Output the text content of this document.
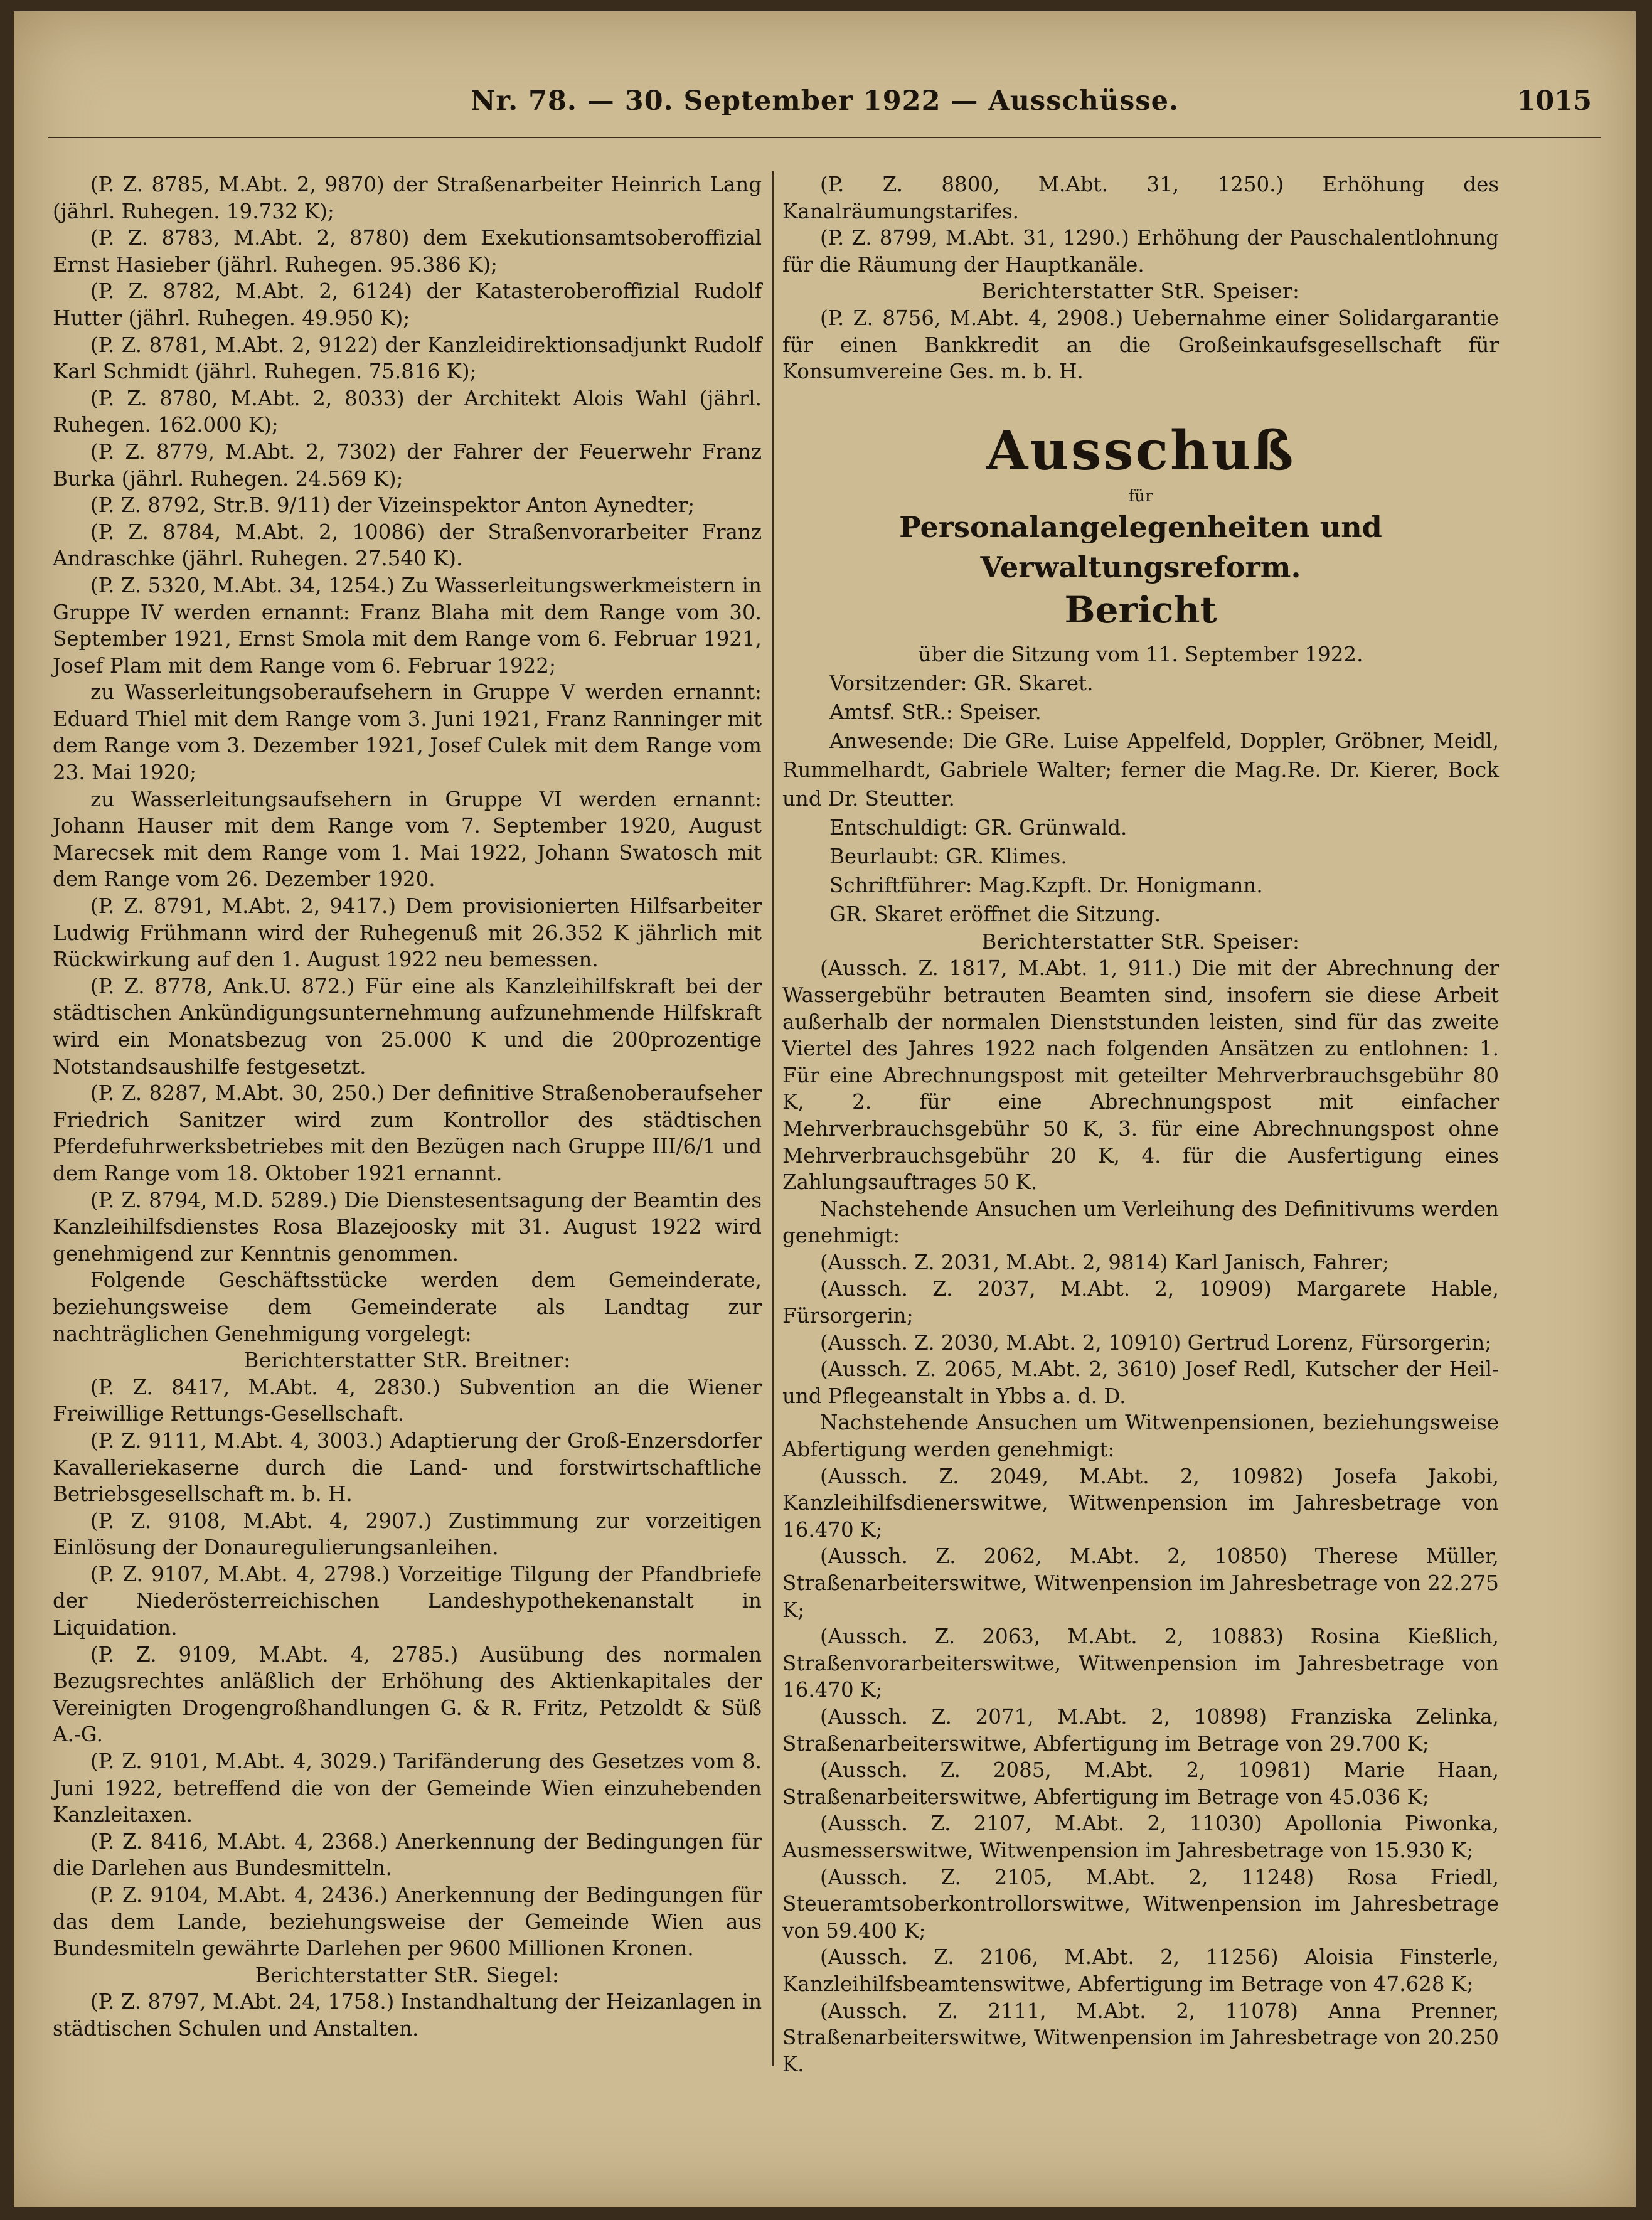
Nr. 78. — 30. September 1922 — Ausschüsse.	1015

(P. Z. 8785, M.Abt. 2, 9870) der Straßenarbeiter Heinrich Lang (jährl. Ruhegen. 19.732 K);

(P. Z. 8783, M.Abt. 2, 8780) dem Exekutionsamtsoberoffizial Ernst Hasieber (jährl. Ruhegen. 95.386 K);

(P. Z. 8782, M.Abt. 2, 6124) der Katasteroberoffizial Rudolf Hutter (jährl. Ruhegen. 49.950 K);

(P. Z. 8781, M.Abt. 2, 9122) der Kanzleidirektionsadjunkt Rudolf Karl Schmidt (jährl. Ruhegen. 75.816 K);

(P. Z. 8780, M.Abt. 2, 8033) der Architekt Alois Wahl (jährl. Ruhegen. 162.000 K);

(P. Z. 8779, M.Abt. 2, 7302) der Fahrer der Feuerwehr Franz Burka (jährl. Ruhegen. 24.569 K);

(P. Z. 8792, Str.B. 9/11) der Vizeinspektor Anton Aynedter;

(P. Z. 8784, M.Abt. 2, 10086) der Straßenvorarbeiter Franz Andraschke (jährl. Ruhegen. 27.540 K).

(P. Z. 5320, M.Abt. 34, 1254.) Zu Wasserleitungswerkmeistern in Gruppe IV werden ernannt: Franz Blaha mit dem Range vom 30. September 1921, Ernst Smola mit dem Range vom 6. Februar 1921, Josef Plam mit dem Range vom 6. Februar 1922;

zu Wasserleitungsoberaufsehern in Gruppe V werden ernannt: Eduard Thiel mit dem Range vom 3. Juni 1921, Franz Ranninger mit dem Range vom 3. Dezember 1921, Josef Culek mit dem Range vom 23. Mai 1920;

zu Wasserleitungsaufsehern in Gruppe VI werden ernannt: Johann Hauser mit dem Range vom 7. September 1920, August Marecsek mit dem Range vom 1. Mai 1922, Johann Swatosch mit dem Range vom 26. Dezember 1920.

(P. Z. 8791, M.Abt. 2, 9417.) Dem provisionierten Hilfsarbeiter Ludwig Frühmann wird der Ruhegenuß mit 26.352 K jährlich mit Rückwirkung auf den 1. August 1922 neu bemessen.

(P. Z. 8778, Ank.U. 872.) Für eine als Kanzleihilfskraft bei der städtischen Ankündigungsunternehmung aufzunehmende Hilfskraft wird ein Monatsbezug von 25.000 K und die 200prozentige Notstandsaushilfe festgesetzt.

(P. Z. 8287, M.Abt. 30, 250.) Der definitive Straßenoberaufseher Friedrich Sanitzer wird zum Kontrollor des städtischen Pferdefuhrwerksbetriebes mit den Bezügen nach Gruppe III/6/1 und dem Range vom 18. Oktober 1921 ernannt.

(P. Z. 8794, M.D. 5289.) Die Dienstesentsagung der Beamtin des Kanzleihilfsdienstes Rosa Blazejoosky mit 31. August 1922 wird genehmigend zur Kenntnis genommen.

Folgende Geschäftsstücke werden dem Gemeinderate, beziehungsweise dem Gemeinderate als Landtag zur nachträglichen Genehmigung vorgelegt:

Berichterstatter StR. Breitner:

(P. Z. 8417, M.Abt. 4, 2830.) Subvention an die Wiener Freiwillige Rettungs-Gesellschaft.

(P. Z. 9111, M.Abt. 4, 3003.) Adaptierung der Groß-Enzersdorfer Kavalleriekaserne durch die Land- und forstwirtschaftliche Betriebsgesellschaft m. b. H.

(P. Z. 9108, M.Abt. 4, 2907.) Zustimmung zur vorzeitigen Einlösung der Donauregulierungsanleihen.

(P. Z. 9107, M.Abt. 4, 2798.) Vorzeitige Tilgung der Pfandbriefe der Niederösterreichischen Landeshypothekenanstalt in Liquidation.

(P. Z. 9109, M.Abt. 4, 2785.) Ausübung des normalen Bezugsrechtes anläßlich der Erhöhung des Aktienkapitales der Vereinigten Drogengroßhandlungen G. & R. Fritz, Petzoldt & Süß A.-G.

(P. Z. 9101, M.Abt. 4, 3029.) Tarifänderung des Gesetzes vom 8. Juni 1922, betreffend die von der Gemeinde Wien einzuhebenden Kanzleitaxen.

(P. Z. 8416, M.Abt. 4, 2368.) Anerkennung der Bedingungen für die Darlehen aus Bundesmitteln.

(P. Z. 9104, M.Abt. 4, 2436.) Anerkennung der Bedingungen für das dem Lande, beziehungsweise der Gemeinde Wien aus Bundesmiteln gewährte Darlehen per 9600 Millionen Kronen.

Berichterstatter StR. Siegel:

(P. Z. 8797, M.Abt. 24, 1758.) Instandhaltung der Heizanlagen in städtischen Schulen und Anstalten.

(P. Z. 8800, M.Abt. 31, 1250.) Erhöhung des Kanalräumungstarifes.

(P. Z. 8799, M.Abt. 31, 1290.) Erhöhung der Pauschalentlohnung für die Räumung der Hauptkanäle.

Berichterstatter StR. Speiser:

(P. Z. 8756, M.Abt. 4, 2908.) Uebernahme einer Solidargarantie für einen Bankkredit an die Großeinkaufsgesellschaft für Konsumvereine Ges. m. b. H.

Ausschuß
für
Personalangelegenheiten und Verwaltungsreform.
Bericht
über die Sitzung vom 11. September 1922.

Vorsitzender: GR. Skaret.

Amtsf. StR.: Speiser.

Anwesende: Die GRe. Luise Appelfeld, Doppler, Gröbner, Meidl, Rummelhardt, Gabriele Walter; ferner die Mag.Re. Dr. Kierer, Bock und Dr. Steutter.

Entschuldigt: GR. Grünwald.

Beurlaubt: GR. Klimes.

Schriftführer: Mag.Kzpft. Dr. Honigmann.

GR. Skaret eröffnet die Sitzung.

Berichterstatter StR. Speiser:

(Aussch. Z. 1817, M.Abt. 1, 911.) Die mit der Abrechnung der Wassergebühr betrauten Beamten sind, insofern sie diese Arbeit außerhalb der normalen Dienststunden leisten, sind für das zweite Viertel des Jahres 1922 nach folgenden Ansätzen zu entlohnen: 1. Für eine Abrechnungspost mit geteilter Mehrverbrauchsgebühr 80 K, 2. für eine Abrechnungspost mit einfacher Mehrverbrauchsgebühr 50 K, 3. für eine Abrechnungspost ohne Mehrverbrauchsgebühr 20 K, 4. für die Ausfertigung eines Zahlungsauftrages 50 K.

Nachstehende Ansuchen um Verleihung des Definitivums werden genehmigt:

(Aussch. Z. 2031, M.Abt. 2, 9814) Karl Janisch, Fahrer;

(Aussch. Z. 2037, M.Abt. 2, 10909) Margarete Hable, Fürsorgerin;

(Aussch. Z. 2030, M.Abt. 2, 10910) Gertrud Lorenz, Fürsorgerin;

(Aussch. Z. 2065, M.Abt. 2, 3610) Josef Redl, Kutscher der Heil- und Pflegeanstalt in Ybbs a. d. D.

Nachstehende Ansuchen um Witwenpensionen, beziehungsweise Abfertigung werden genehmigt:

(Aussch. Z. 2049, M.Abt. 2, 10982) Josefa Jakobi, Kanzleihilfsdienerswitwe, Witwenpension im Jahresbetrage von 16.470 K;

(Aussch. Z. 2062, M.Abt. 2, 10850) Therese Müller, Straßenarbeiterswitwe, Witwenpension im Jahresbetrage von 22.275 K;

(Aussch. Z. 2063, M.Abt. 2, 10883) Rosina Kießlich, Straßenvorarbeiterswitwe, Witwenpension im Jahresbetrage von 16.470 K;

(Aussch. Z. 2071, M.Abt. 2, 10898) Franziska Zelinka, Straßenarbeiterswitwe, Abfertigung im Betrage von 29.700 K;

(Aussch. Z. 2085, M.Abt. 2, 10981) Marie Haan, Straßenarbeiterswitwe, Abfertigung im Betrage von 45.036 K;

(Aussch. Z. 2107, M.Abt. 2, 11030) Apollonia Piwonka, Ausmesserswitwe, Witwenpension im Jahresbetrage von 15.930 K;

(Aussch. Z. 2105, M.Abt. 2, 11248) Rosa Friedl, Steueramtsoberkontrollorswitwe, Witwenpension im Jahresbetrage von 59.400 K;

(Aussch. Z. 2106, M.Abt. 2, 11256) Aloisia Finsterle, Kanzleihilfsbeamtenswitwe, Abfertigung im Betrage von 47.628 K;

(Aussch. Z. 2111, M.Abt. 2, 11078) Anna Prenner, Straßenarbeiterswitwe, Witwenpension im Jahresbetrage von 20.250 K.
